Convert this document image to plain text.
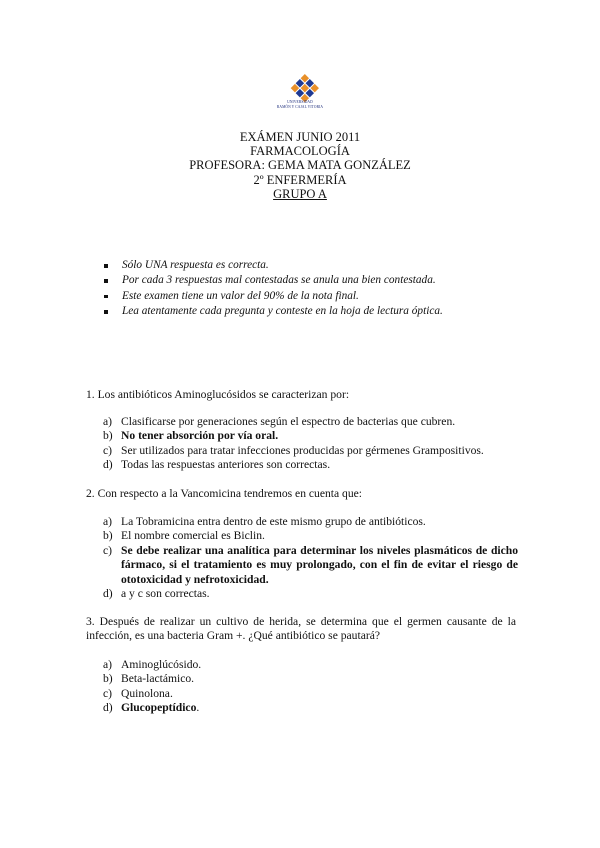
UNIVERSIDAD
RAMÓN Y CAJAL VITORIA
EXÁMEN JUNIO 2011
FARMACOLOGÍA
PROFESORA: GEMA MATA GONZÁLEZ
2º ENFERMERÍA
GRUPO A
Sólo UNA respuesta es correcta.
Por cada 3 respuestas mal contestadas se anula una bien contestada.
Este examen tiene un valor del 90% de la nota final.
Lea atentamente cada pregunta y conteste en la hoja de lectura óptica.
1. Los antibióticos Aminoglucósidos se caracterizan por:
a) Clasificarse por generaciones según el espectro de bacterias que cubren.
b) No tener absorción por vía oral.
c) Ser utilizados para tratar infecciones producidas por gérmenes Grampositivos.
d) Todas las respuestas anteriores son correctas.
2. Con respecto a la Vancomicina tendremos en cuenta que:
a) La Tobramicina entra dentro de este mismo grupo de antibióticos.
b) El nombre comercial es Biclin.
c) Se debe realizar una analítica para determinar los niveles plasmáticos de dicho fármaco, si el tratamiento es muy prolongado, con el fin de evitar el riesgo de ototoxicidad y nefrotoxicidad.
d) a y c son correctas.
3. Después de realizar un cultivo de herida, se determina que el germen causante de la infección, es una bacteria Gram +. ¿Qué antibiótico se pautará?
a) Aminoglúcósido.
b) Beta-lactámico.
c) Quinolona.
d) Glucopeptídico.
